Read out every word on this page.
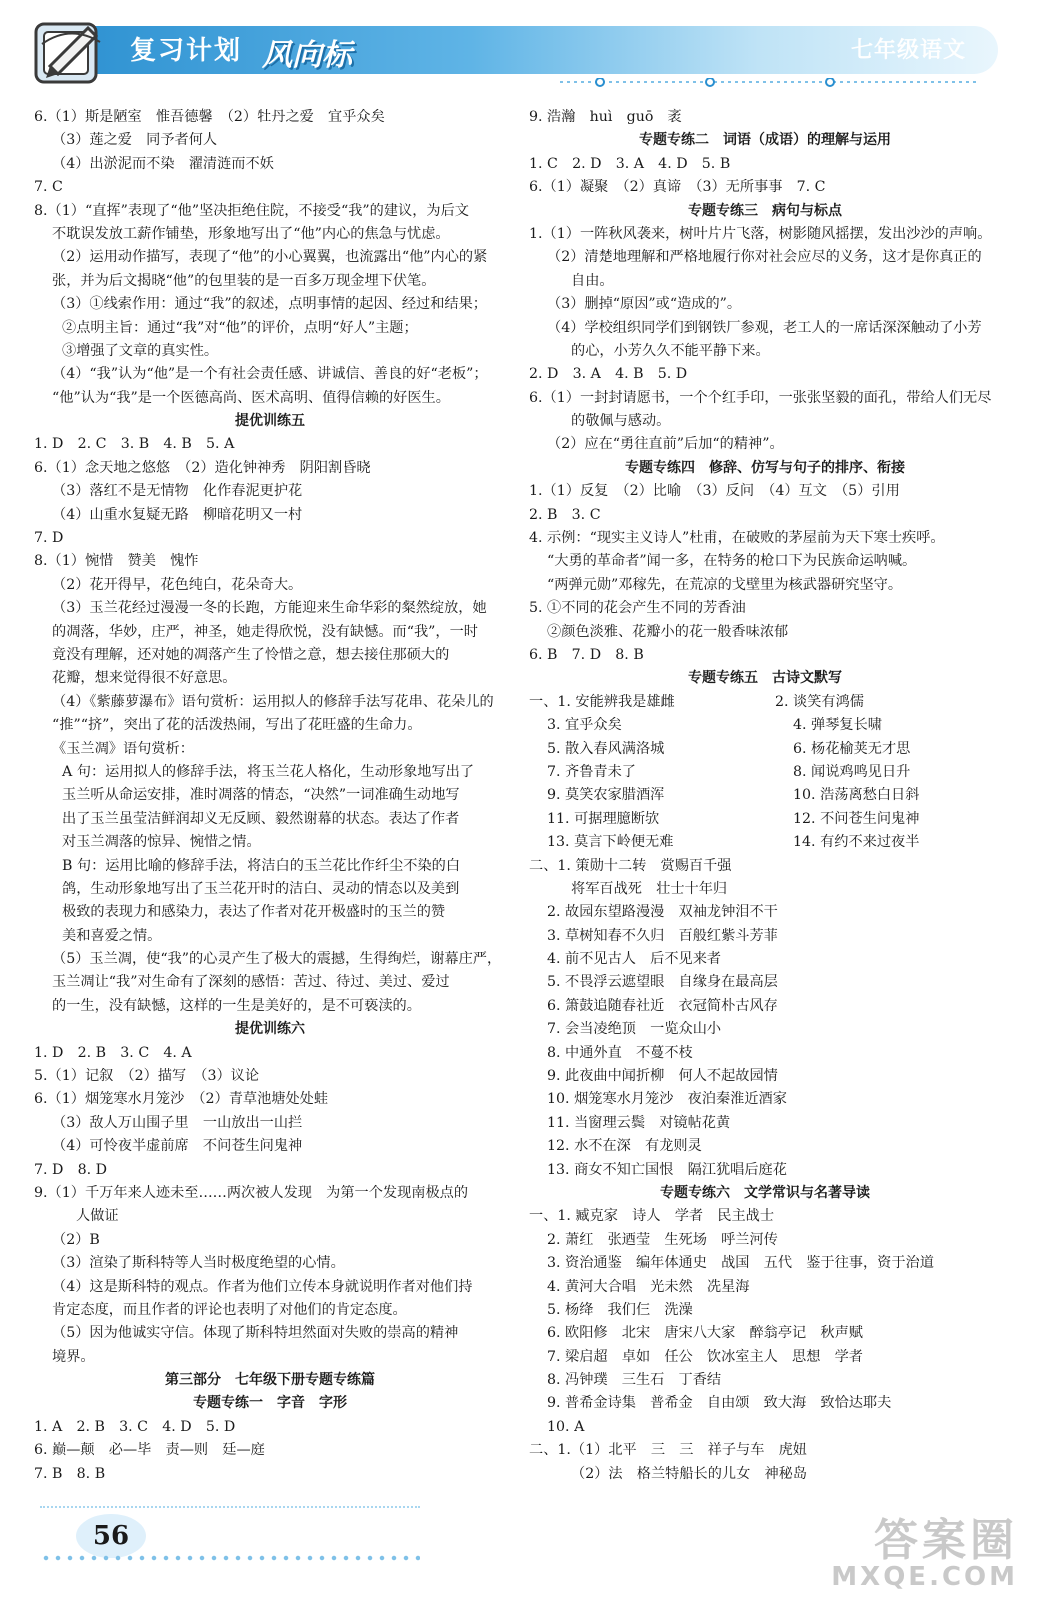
复习计划 风向标	七年级语文
6.（1）斯是陋室　惟吾德馨　（2）牡丹之爱　宜乎众矣
（3）莲之爱　同予者何人
（4）出淤泥而不染　濯清涟而不妖
7. C
8.（1）“直挥”表现了“他”坚决拒绝住院，不接受“我”的建议，为后文
不耽误发放工薪作铺垫，形象地写出了“他”内心的焦急与忧虑。
（2）运用动作描写，表现了“他”的小心翼翼，也流露出“他”内心的紧
张，并为后文揭晓“他”的包里装的是一百多万现金埋下伏笔。
（3）①线索作用：通过“我”的叙述，点明事情的起因、经过和结果；
②点明主旨：通过“我”对“他”的评价，点明“好人”主题；
③增强了文章的真实性。
（4）“我”认为“他”是一个有社会责任感、讲诚信、善良的好“老板”；
“他”认为“我”是一个医德高尚、医术高明、值得信赖的好医生。
提优训练五
1. D　2. C　3. B　4. B　5. A
6.（1）念天地之悠悠　（2）造化钟神秀　阴阳割昏晓
（3）落红不是无情物　化作春泥更护花
（4）山重水复疑无路　柳暗花明又一村
7. D
8.（1）惋惜　赞美　愧怍
（2）花开得早，花色纯白，花朵奇大。
（3）玉兰花经过漫漫一冬的长跑，方能迎来生命华彩的粲然绽放，她
的凋落，华妙，庄严，神圣，她走得欣悦，没有缺憾。而“我”，一时
竟没有理解，还对她的凋落产生了怜惜之意，想去接住那硕大的
花瓣，想来觉得很不好意思。
（4）《紫藤萝瀑布》语句赏析：运用拟人的修辞手法写花串、花朵儿的
“推”“挤”，突出了花的活泼热闹，写出了花旺盛的生命力。
《玉兰凋》语句赏析：
A 句：运用拟人的修辞手法，将玉兰花人格化，生动形象地写出了
玉兰听从命运安排，准时凋落的情态，“决然”一词准确生动地写
出了玉兰虽莹洁鲜润却义无反顾、毅然谢幕的状态。表达了作者
对玉兰凋落的惊异、惋惜之情。
B 句：运用比喻的修辞手法，将洁白的玉兰花比作纤尘不染的白
鸽，生动形象地写出了玉兰花开时的洁白、灵动的情态以及美到
极致的表现力和感染力，表达了作者对花开极盛时的玉兰的赞
美和喜爱之情。
（5）玉兰凋，使“我”的心灵产生了极大的震撼，生得绚烂，谢幕庄严，
玉兰凋让“我”对生命有了深刻的感悟：苦过、待过、美过、爱过
的一生，没有缺憾，这样的一生是美好的，是不可亵渎的。
提优训练六
1. D　2. B　3. C　4. A
5.（1）记叙　（2）描写　（3）议论
6.（1）烟笼寒水月笼沙　（2）青草池塘处处蛙
（3）敌人万山围子里　一山放出一山拦
（4）可怜夜半虚前席　不问苍生问鬼神
7. D　8. D
9.（1）千万年来人迹未至……两次被人发现　为第一个发现南极点的
人做证
（2）B
（3）渲染了斯科特等人当时极度绝望的心情。
（4）这是斯科特的观点。作者为他们立传本身就说明作者对他们持
肯定态度，而且作者的评论也表明了对他们的肯定态度。
（5）因为他诚实守信。体现了斯科特坦然面对失败的崇高的精神
境界。
第三部分　七年级下册专题专练篇
专题专练一　字音　字形
1. A　2. B　3. C　4. D　5. D
6. 巅—颠　必—毕　责—则　廷—庭
7. B　8. B
9. 浩瀚　huì　guō　袤
专题专练二　词语（成语）的理解与运用
1. C　2. D　3. A　4. D　5. B
6.（1）凝聚　（2）真谛　（3）无所事事　7. C
专题专练三　病句与标点
1.（1）一阵秋风袭来，树叶片片飞落，树影随风摇摆，发出沙沙的声响。
（2）清楚地理解和严格地履行你对社会应尽的义务，这才是你真正的
自由。
（3）删掉“原因”或“造成的”。
（4）学校组织同学们到钢铁厂参观，老工人的一席话深深触动了小芳
的心，小芳久久不能平静下来。
2. D　3. A　4. B　5. D
6.（1）一封封请愿书，一个个红手印，一张张坚毅的面孔，带给人们无尽
的敬佩与感动。
（2）应在“勇往直前”后加“的精神”。
专题专练四　修辞、仿写与句子的排序、衔接
1.（1）反复　（2）比喻　（3）反问　（4）互文　（5）引用
2. B　3. C
4. 示例：“现实主义诗人”杜甫，在破败的茅屋前为天下寒士疾呼。
“大勇的革命者”闻一多，在特务的枪口下为民族命运呐喊。
“两弹元勋”邓稼先，在荒凉的戈壁里为核武器研究坚守。
5. ①不同的花会产生不同的芳香油
②颜色淡雅、花瓣小的花一般香味浓郁
6. B　7. D　8. B
专题专练五　古诗文默写
一、1. 安能辨我是雄雌	2. 谈笑有鸿儒
3. 宜乎众矣	4. 弹琴复长啸
5. 散入春风满洛城	6. 杨花榆荚无才思
7. 齐鲁青未了	8. 闻说鸡鸣见日升
9. 莫笑农家腊酒浑	10. 浩荡离愁白日斜
11. 可据理臆断欤	12. 不问苍生问鬼神
13. 莫言下岭便无难	14. 有约不来过夜半
二、1. 策勋十二转　赏赐百千强
将军百战死　壮士十年归
2. 故园东望路漫漫　双袖龙钟泪不干
3. 草树知春不久归　百般红紫斗芳菲
4. 前不见古人　后不见来者
5. 不畏浮云遮望眼　自缘身在最高层
6. 箫鼓追随春社近　衣冠简朴古风存
7. 会当凌绝顶　一览众山小
8. 中通外直　不蔓不枝
9. 此夜曲中闻折柳　何人不起故园情
10. 烟笼寒水月笼沙　夜泊秦淮近酒家
11. 当窗理云鬓　对镜帖花黄
12. 水不在深　有龙则灵
13. 商女不知亡国恨　隔江犹唱后庭花
专题专练六　文学常识与名著导读
一、1. 臧克家　诗人　学者　民主战士
2. 萧红　张迺莹　生死场　呼兰河传
3. 资治通鉴　编年体通史　战国　五代　鉴于往事，资于治道
4. 黄河大合唱　光未然　冼星海
5. 杨绛　我们仨　洗澡
6. 欧阳修　北宋　唐宋八大家　醉翁亭记　秋声赋
7. 梁启超　卓如　任公　饮冰室主人　思想　学者
8. 冯钟璞　三生石　丁香结
9. 普希金诗集　普希金　自由颂　致大海　致恰达耶夫
10. A
二、1.（1）北平　三　三　祥子与车　虎妞
（2）法　格兰特船长的儿女　神秘岛
56	答案圈
MXQE.COM
